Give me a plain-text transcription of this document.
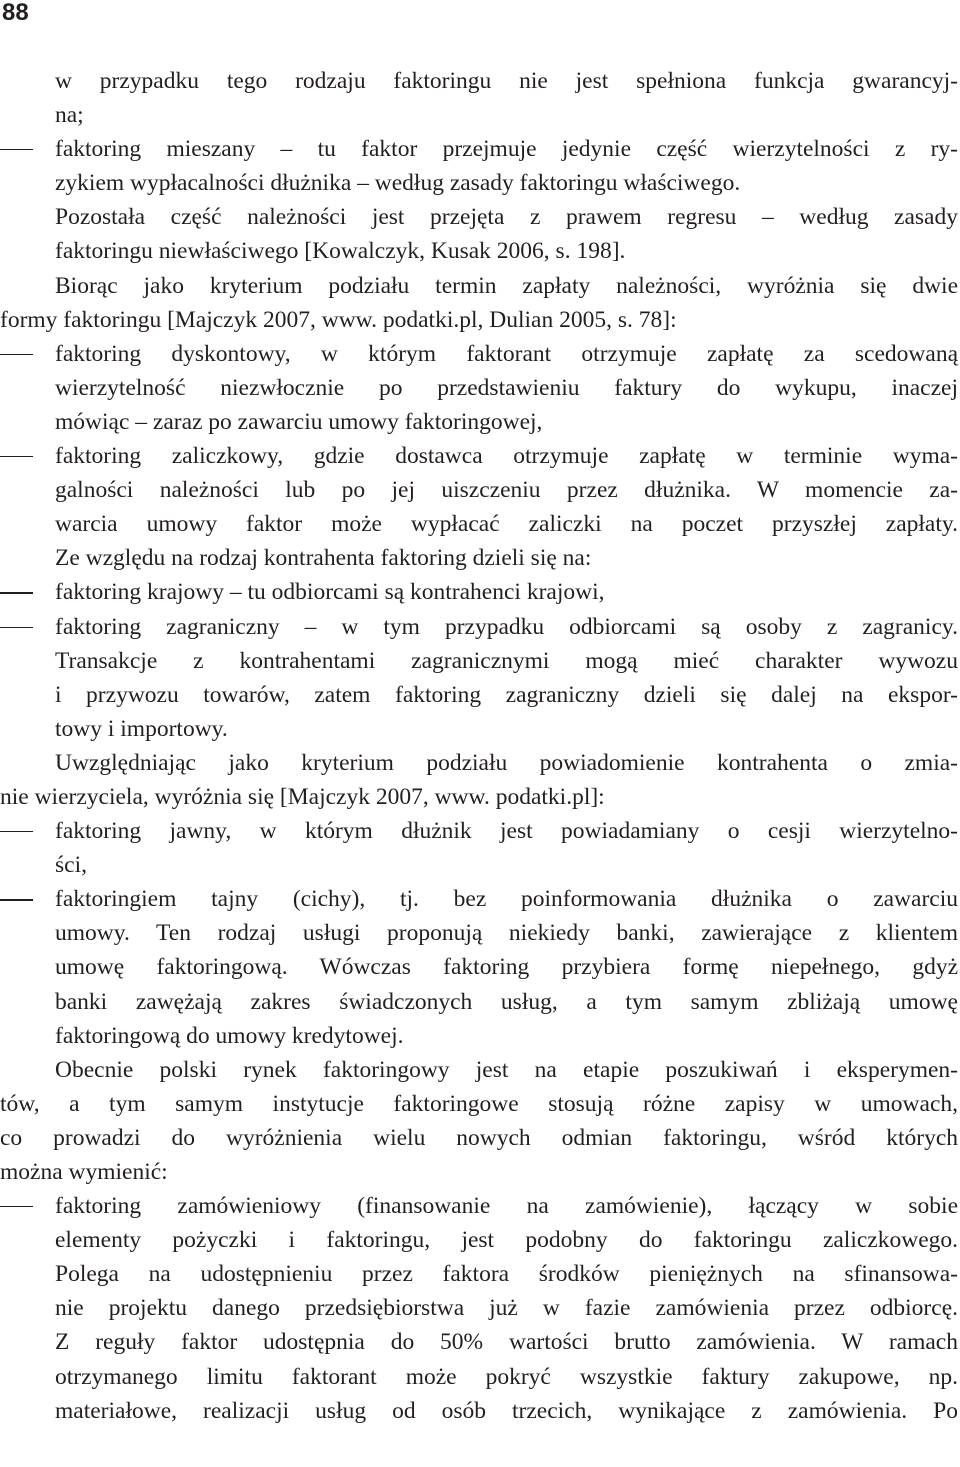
88
w przypadku tego rodzaju faktoringu nie jest spełniona funkcja gwarancyj-
na;
faktoring mieszany – tu faktor przejmuje jedynie część wierzytelności z ry-
zykiem wypłacalności dłużnika – według zasady faktoringu właściwego.
Pozostała część należności jest przejęta z prawem regresu – według zasady
faktoringu niewłaściwego [Kowalczyk, Kusak 2006, s. 198].
Biorąc jako kryterium podziału termin zapłaty należności, wyróżnia się dwie
formy faktoringu [Majczyk 2007, www. podatki.pl, Dulian 2005, s. 78]:
faktoring dyskontowy, w którym faktorant otrzymuje zapłatę za scedowaną
wierzytelność niezwłocznie po przedstawieniu faktury do wykupu, inaczej
mówiąc – zaraz po zawarciu umowy faktoringowej,
faktoring zaliczkowy, gdzie dostawca otrzymuje zapłatę w terminie wyma-
galności należności lub po jej uiszczeniu przez dłużnika. W momencie za-
warcia umowy faktor może wypłacać zaliczki na poczet przyszłej zapłaty.
Ze względu na rodzaj kontrahenta faktoring dzieli się na:
faktoring krajowy – tu odbiorcami są kontrahenci krajowi,
faktoring zagraniczny – w tym przypadku odbiorcami są osoby z zagranicy.
Transakcje z kontrahentami zagranicznymi mogą mieć charakter wywozu
i przywozu towarów, zatem faktoring zagraniczny dzieli się dalej na ekspor-
towy i importowy.
Uwzględniając jako kryterium podziału powiadomienie kontrahenta o zmia-
nie wierzyciela, wyróżnia się [Majczyk 2007, www. podatki.pl]:
faktoring jawny, w którym dłużnik jest powiadamiany o cesji wierzytelno-
ści,
faktoringiem tajny (cichy), tj. bez poinformowania dłużnika o zawarciu
umowy. Ten rodzaj usługi proponują niekiedy banki, zawierające z klientem
umowę faktoringową. Wówczas faktoring przybiera formę niepełnego, gdyż
banki zawężają zakres świadczonych usług, a tym samym zbliżają umowę
faktoringową do umowy kredytowej.
Obecnie polski rynek faktoringowy jest na etapie poszukiwań i eksperymen-
tów, a tym samym instytucje faktoringowe stosują różne zapisy w umowach,
co prowadzi do wyróżnienia wielu nowych odmian faktoringu, wśród których
można wymienić:
faktoring zamówieniowy (finansowanie na zamówienie), łączący w sobie
elementy pożyczki i faktoringu, jest podobny do faktoringu zaliczkowego.
Polega na udostępnieniu przez faktora środków pieniężnych na sfinansowa-
nie projektu danego przedsiębiorstwa już w fazie zamówienia przez odbiorcę.
Z reguły faktor udostępnia do 50% wartości brutto zamówienia. W ramach
otrzymanego limitu faktorant może pokryć wszystkie faktury zakupowe, np.
materiałowe, realizacji usług od osób trzecich, wynikające z zamówienia. Po
